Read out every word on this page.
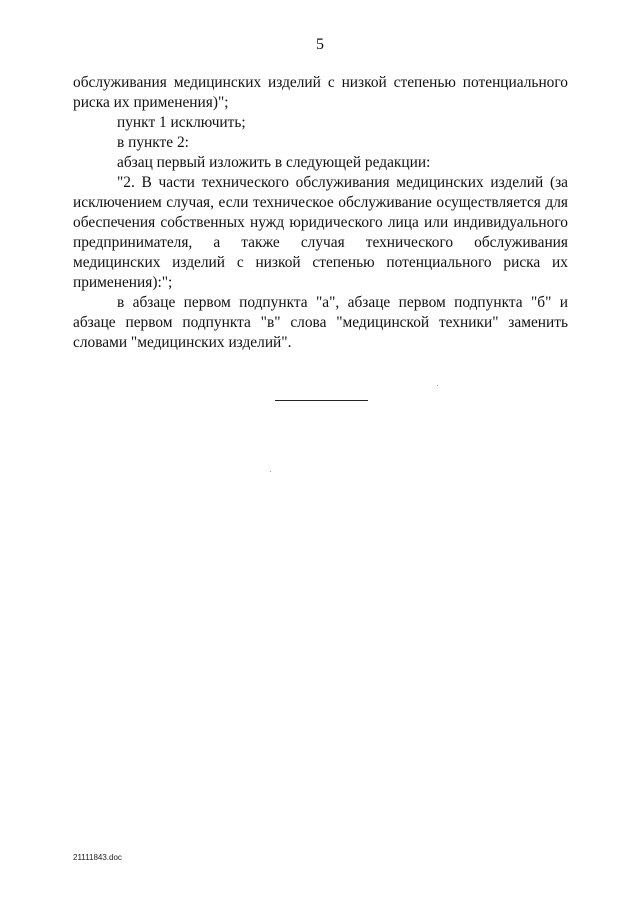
5

обслуживания медицинских изделий с низкой степенью потенциального риска их применения)";

пункт 1 исключить;

в пункте 2:

абзац первый изложить в следующей редакции:

"2. В части технического обслуживания медицинских изделий (за исключением случая, если техническое обслуживание осуществляется для обеспечения собственных нужд юридического лица или индивидуального предпринимателя, а также случая технического обслуживания медицинских изделий с низкой степенью потенциального риска их применения):";

в абзаце первом подпункта "а", абзаце первом подпункта "б" и абзаце первом подпункта "в" слова "медицинской техники" заменить словами "медицинских изделий".

21111843.doc
